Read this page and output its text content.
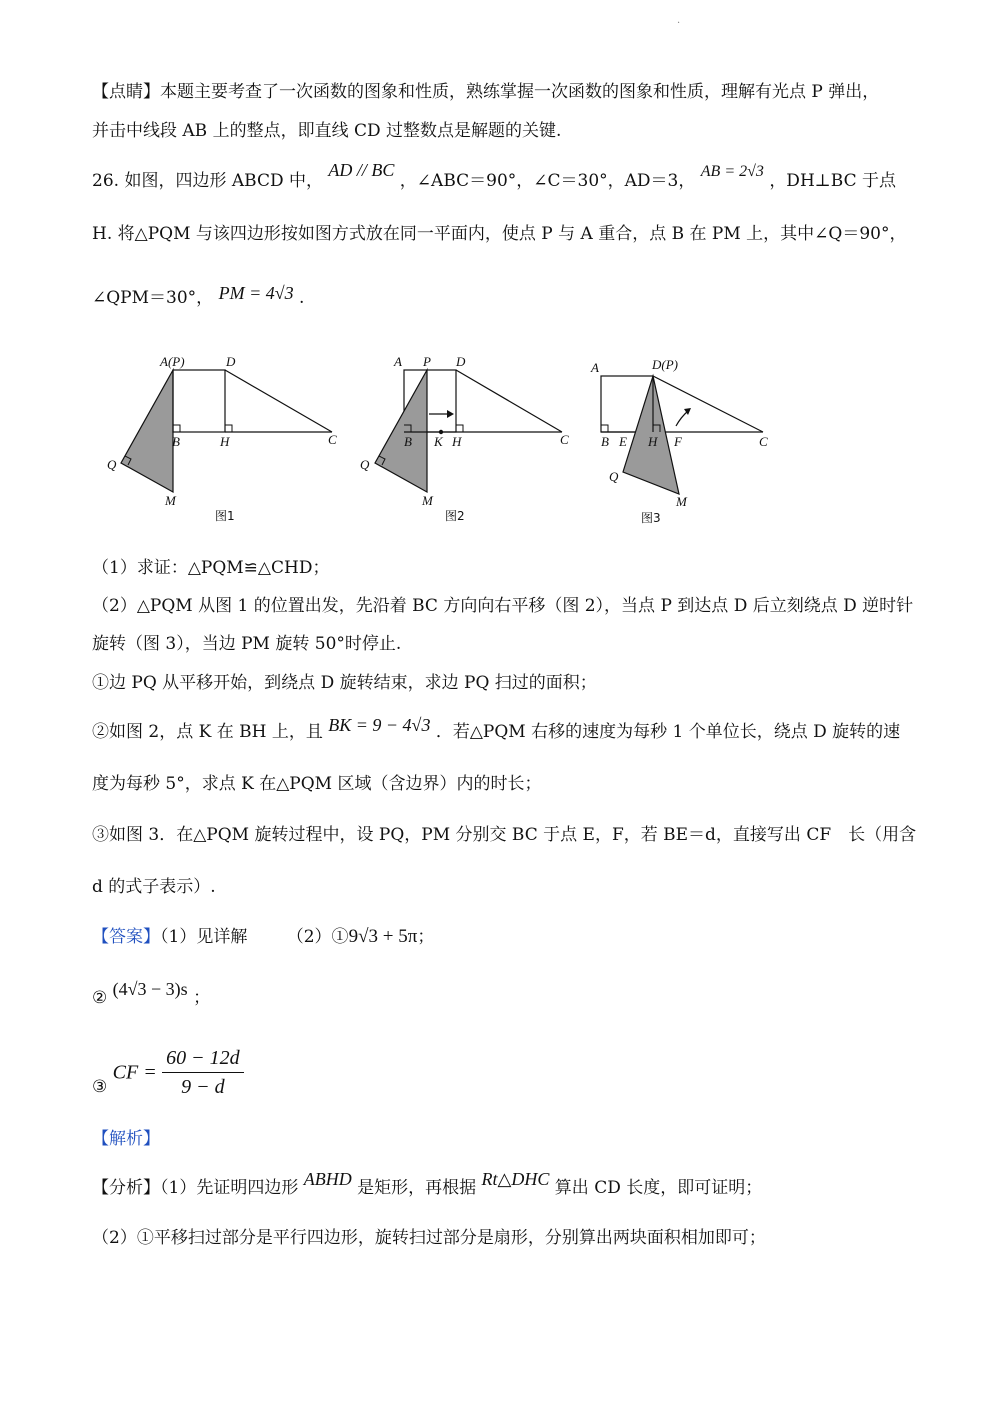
·
【点睛】本题主要考查了一次函数的图象和性质，熟练掌握一次函数的图象和性质，理解有光点 P 弹出，
并击中线段 AB 上的整点，即直线 CD 过整数点是解题的关键.
26. 如图，四边形 ABCD 中， AD // BC ，∠ABC＝90°，∠C＝30°，AD＝3， AB = 2√3 ，DH⊥BC 于点
H. 将△PQM 与该四边形按如图方式放在同一平面内，使点 P 与 A 重合，点 B 在 PM 上，其中∠Q＝90°，
∠QPM＝30°， PM = 4√3 .
A(P)	D
B	H	C
Q
M
图1
A P D
B K H	C
Q
M
图2
A	D(P)
B E H F	C
Q
M
图3
（1）求证：△PQM≌△CHD；
（2）△PQM 从图 1 的位置出发，先沿着 BC 方向向右平移（图 2），当点 P 到达点 D 后立刻绕点 D 逆时针
旋转（图 3），当边 PM 旋转 50°时停止.
①边 PQ 从平移开始，到绕点 D 旋转结束，求边 PQ 扫过的面积；
②如图 2，点 K 在 BH 上，且 BK = 9 − 4√3 ．若△PQM 右移的速度为每秒 1 个单位长，绕点 D 旋转的速
度为每秒 5°，求点 K 在△PQM 区域（含边界）内的时长；
③如图 3．在△PQM 旋转过程中，设 PQ，PM 分别交 BC 于点 E，F，若 BE＝d，直接写出 CF　长（用含
d 的式子表示）.
【答案】（1）见详解 （2）①9√3 + 5π；
② (4√3 − 3)s ；
③ CF = $\frac{60 - 12d}{9 - d}$
【解析】
【分析】（1）先证明四边形 ABHD 是矩形，再根据 Rt△DHC 算出 CD 长度，即可证明；
（2）①平移扫过部分是平行四边形，旋转扫过部分是扇形，分别算出两块面积相加即可；
